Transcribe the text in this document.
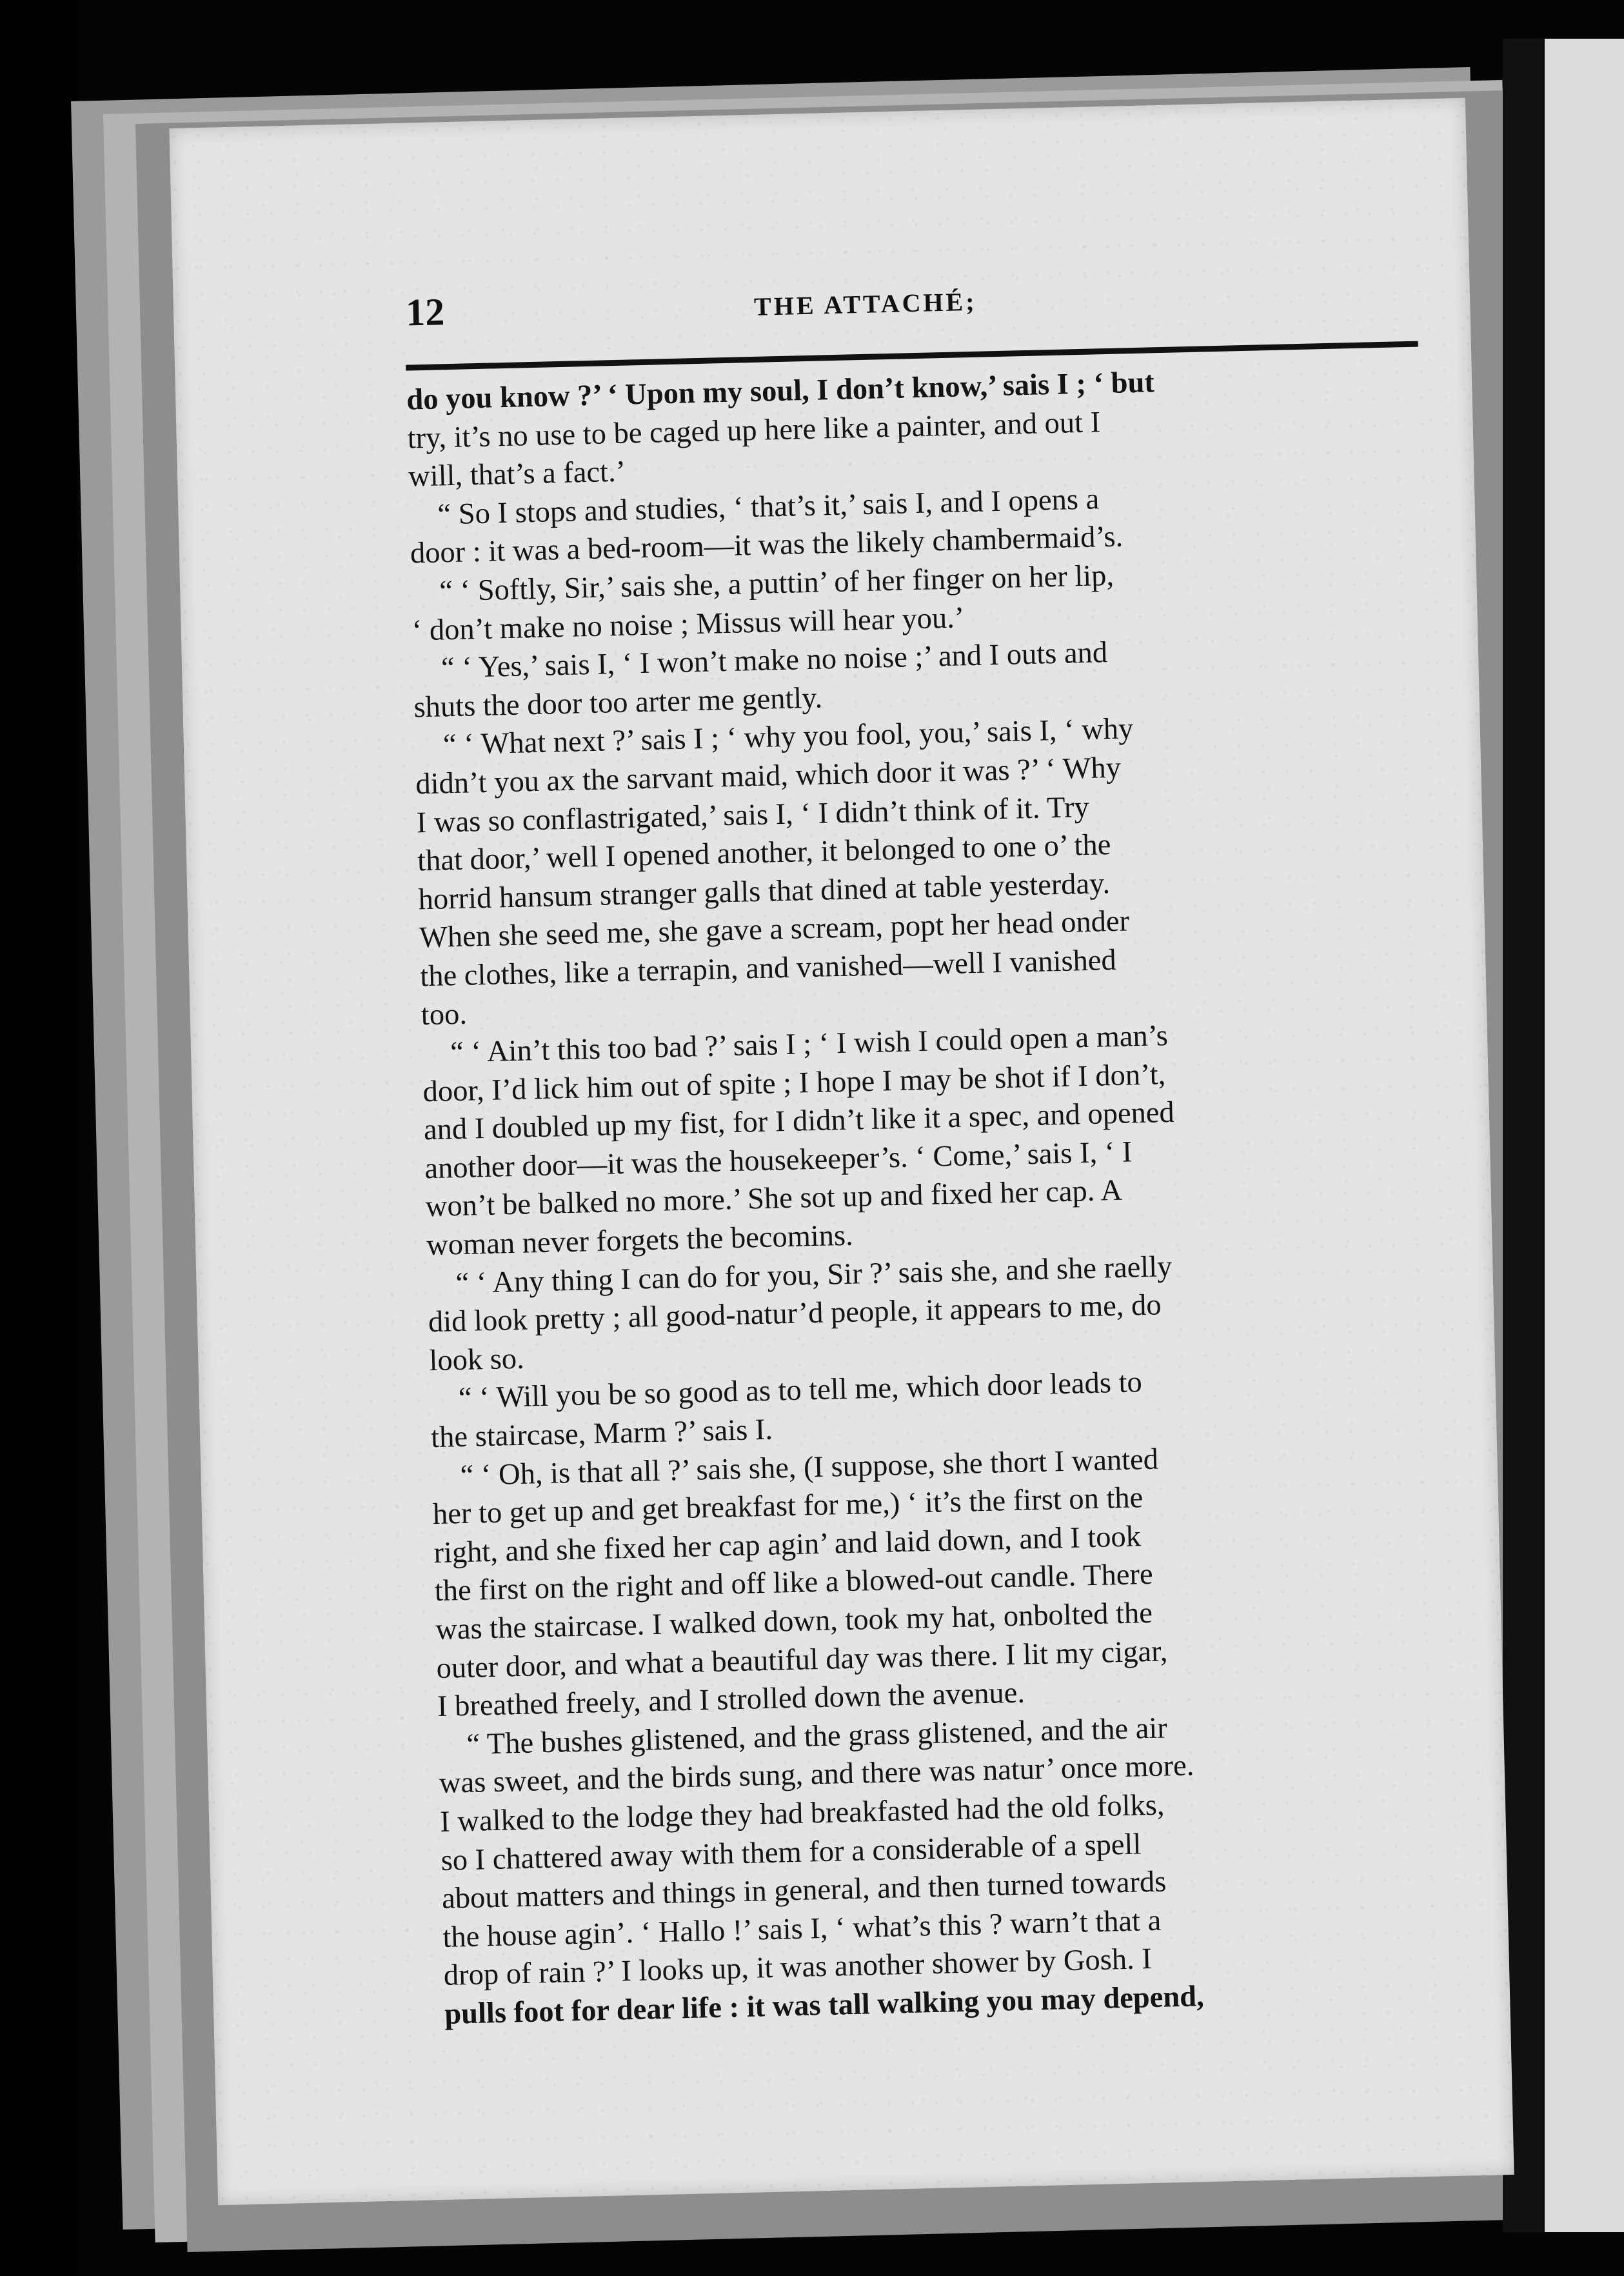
12	THE ATTACHÉ;
do you know ?’ ‘ Upon my soul, I don’t know,’ sais I ; ‘ but
try, it’s no use to be caged up here like a painter, and out I
will, that’s a fact.’
“ So I stops and studies, ‘ that’s it,’ sais I, and I opens a
door : it was a bed-room—it was the likely chambermaid’s.
“ ‘ Softly, Sir,’ sais she, a puttin’ of her finger on her lip,
‘ don’t make no noise ; Missus will hear you.’
“ ‘ Yes,’ sais I, ‘ I won’t make no noise ;’ and I outs and
shuts the door too arter me gently.
“ ‘ What next ?’ sais I ; ‘ why you fool, you,’ sais I, ‘ why
didn’t you ax the sarvant maid, which door it was ?’ ‘ Why
I was so conflastrigated,’ sais I, ‘ I didn’t think of it. Try
that door,’ well I opened another, it belonged to one o’ the
horrid hansum stranger galls that dined at table yesterday.
When she seed me, she gave a scream, popt her head onder
the clothes, like a terrapin, and vanished—well I vanished
too.
“ ‘ Ain’t this too bad ?’ sais I ; ‘ I wish I could open a man’s
door, I’d lick him out of spite ; I hope I may be shot if I don’t,
and I doubled up my fist, for I didn’t like it a spec, and opened
another door—it was the housekeeper’s. ‘ Come,’ sais I, ‘ I
won’t be balked no more.’ She sot up and fixed her cap. A
woman never forgets the becomins.
“ ‘ Any thing I can do for you, Sir ?’ sais she, and she raelly
did look pretty ; all good-natur’d people, it appears to me, do
look so.
“ ‘ Will you be so good as to tell me, which door leads to
the staircase, Marm ?’ sais I.
“ ‘ Oh, is that all ?’ sais she, (I suppose, she thort I wanted
her to get up and get breakfast for me,) ‘ it’s the first on the
right, and she fixed her cap agin’ and laid down, and I took
the first on the right and off like a blowed-out candle. There
was the staircase. I walked down, took my hat, onbolted the
outer door, and what a beautiful day was there. I lit my cigar,
I breathed freely, and I strolled down the avenue.
“ The bushes glistened, and the grass glistened, and the air
was sweet, and the birds sung, and there was natur’ once more.
I walked to the lodge they had breakfasted had the old folks,
so I chattered away with them for a considerable of a spell
about matters and things in general, and then turned towards
the house agin’. ‘ Hallo !’ sais I, ‘ what’s this ? warn’t that a
drop of rain ?’ I looks up, it was another shower by Gosh. I
pulls foot for dear life : it was tall walking you may depend,
